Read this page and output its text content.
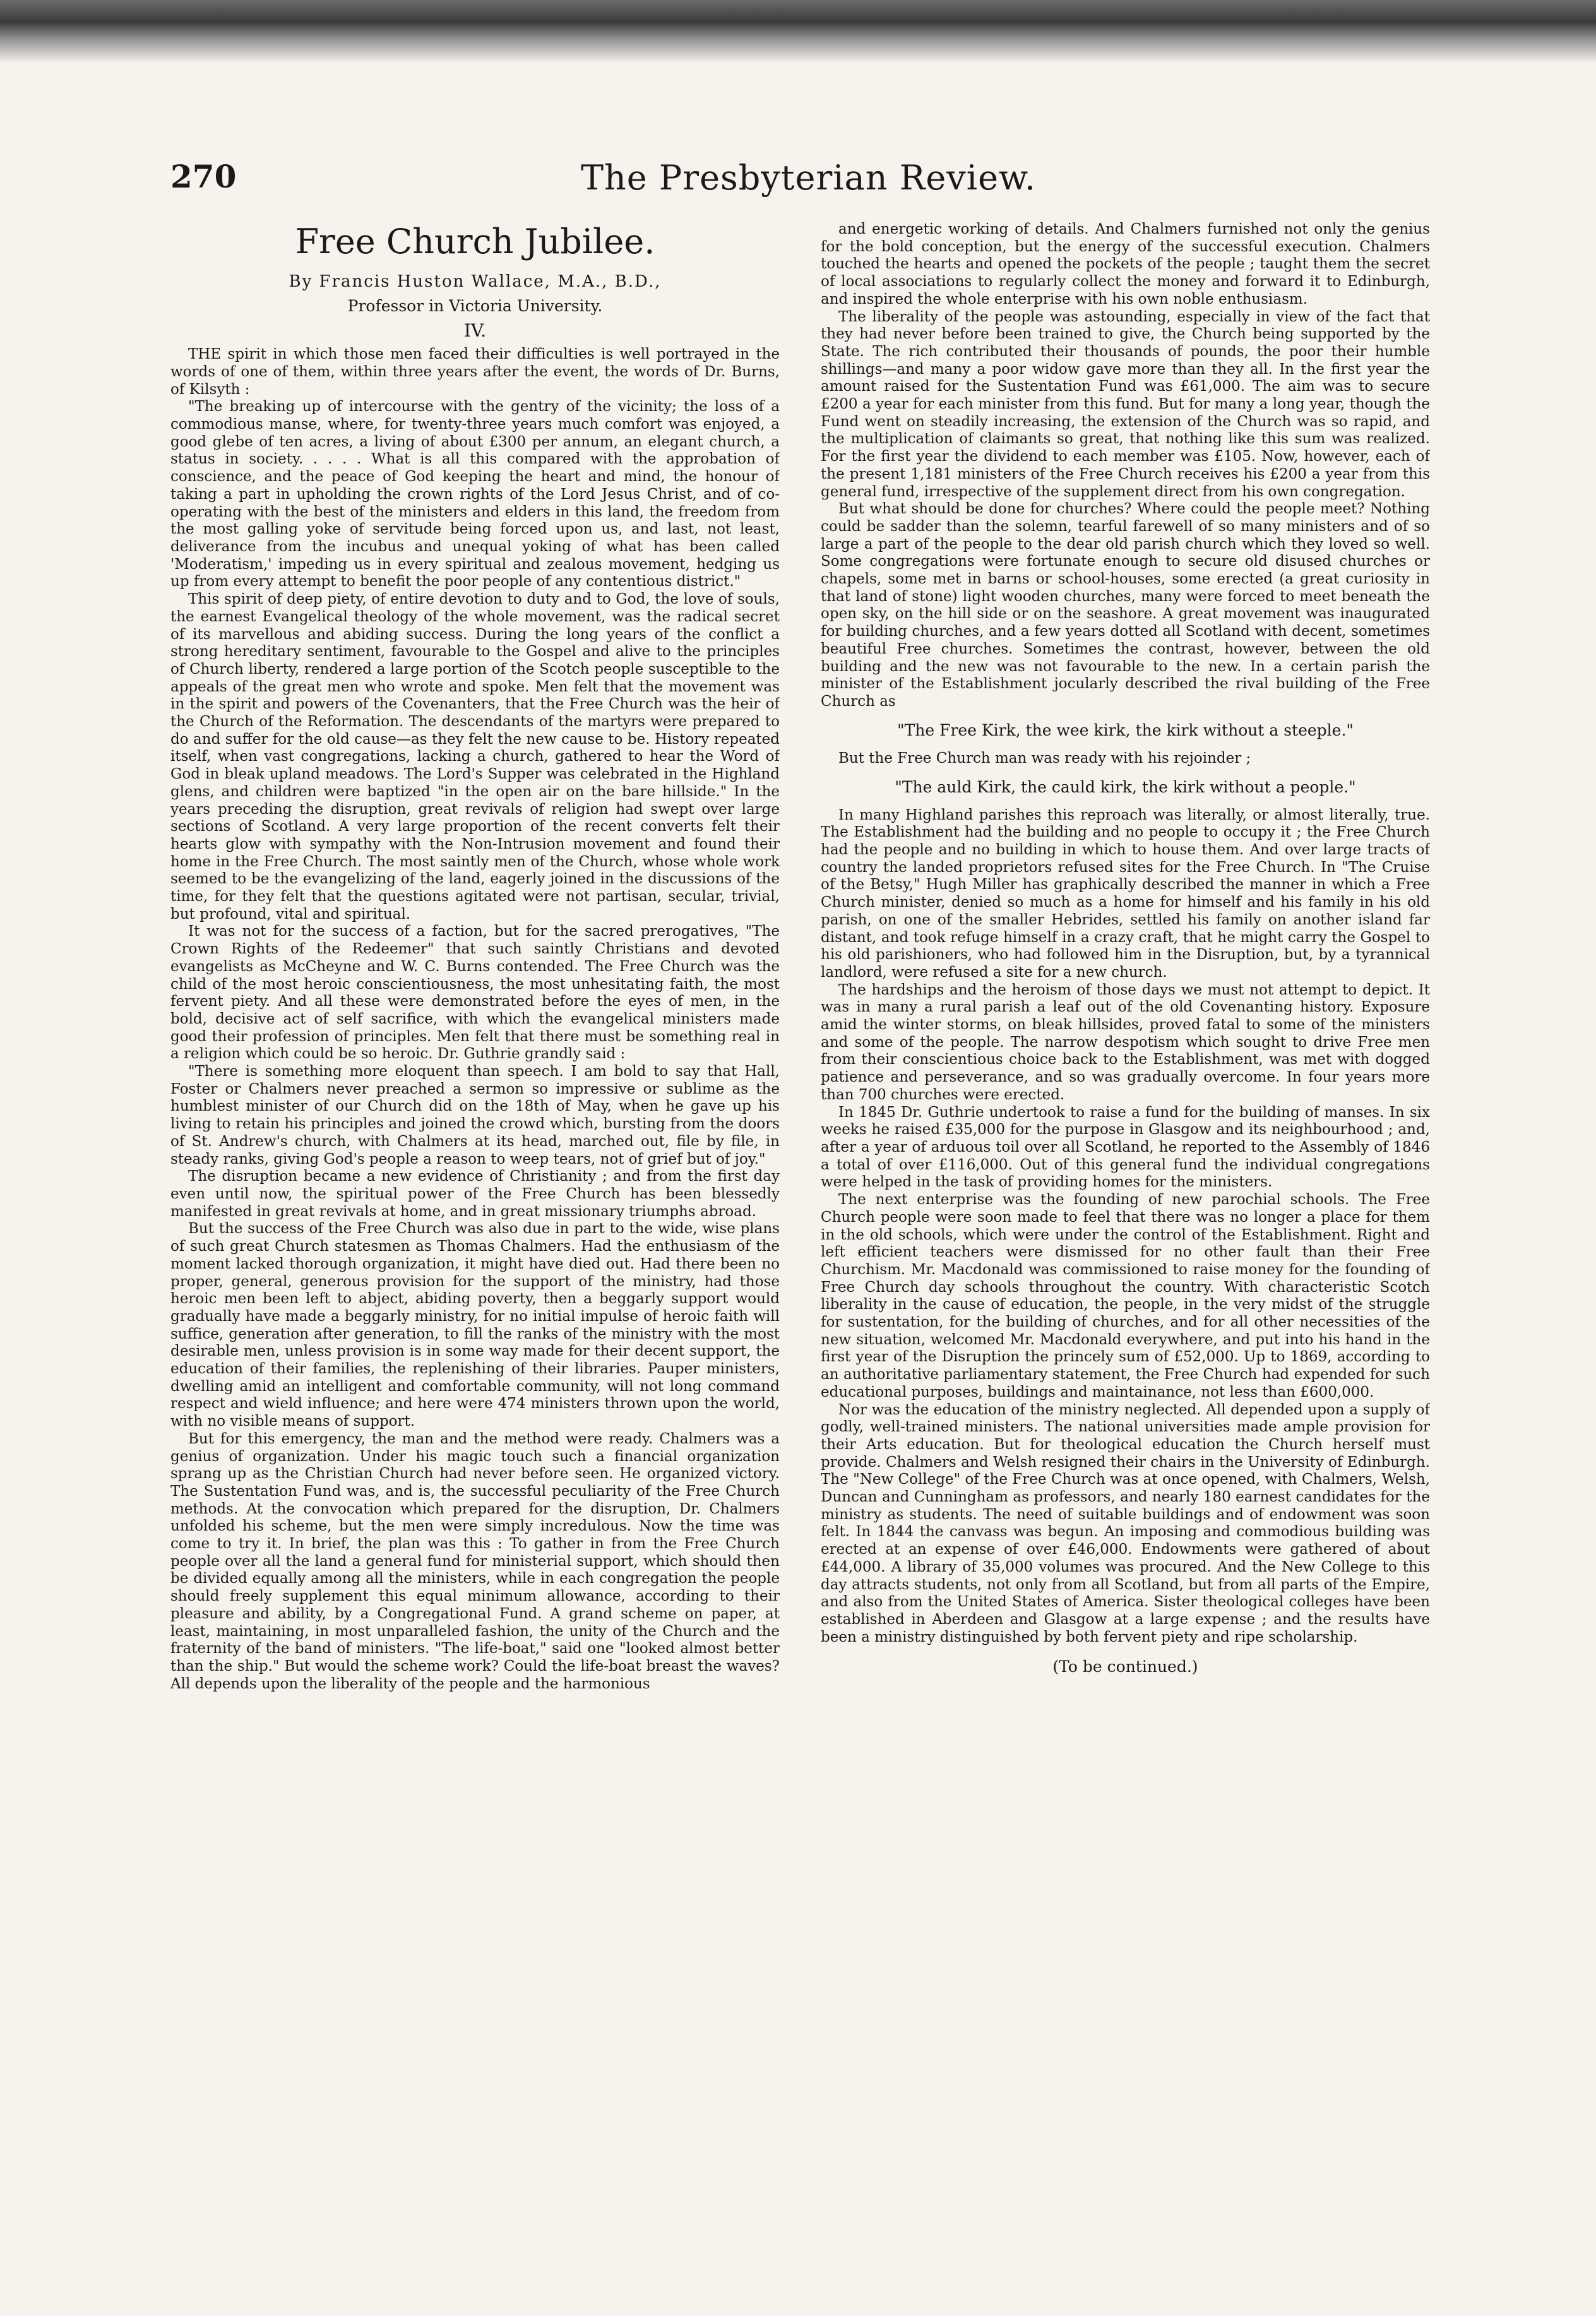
270	The Presbyterian Review.
Free Church Jubilee.
By Francis Huston Wallace, M.A., B.D.,
Professor in Victoria University.
IV.

THE spirit in which those men faced their difficulties is well portrayed in the words of one of them, within three years after the event, the words of Dr. Burns, of Kilsyth :

"The breaking up of intercourse with the gentry of the vicinity; the loss of a commodious manse, where, for twenty-three years much comfort was enjoyed, a good glebe of ten acres, a living of about £300 per annum, an elegant church, a status in society. . . . . What is all this compared with the approbation of conscience, and the peace of God keeping the heart and mind, the honour of taking a part in upholding the crown rights of the Lord Jesus Christ, and of co-operating with the best of the ministers and elders in this land, the freedom from the most galling yoke of servitude being forced upon us, and last, not least, deliverance from the incubus and unequal yoking of what has been called 'Moderatism,' impeding us in every spiritual and zealous movement, hedging us up from every attempt to benefit the poor people of any contentious district."

This spirit of deep piety, of entire devotion to duty and to God, the love of souls, the earnest Evangelical theology of the whole movement, was the radical secret of its marvellous and abiding success. During the long years of the conflict a strong hereditary sentiment, favourable to the Gospel and alive to the principles of Church liberty, rendered a large portion of the Scotch people susceptible to the appeals of the great men who wrote and spoke. Men felt that the movement was in the spirit and powers of the Covenanters, that the Free Church was the heir of the Church of the Reformation. The descendants of the martyrs were prepared to do and suffer for the old cause—as they felt the new cause to be. History repeated itself, when vast congregations, lacking a church, gathered to hear the Word of God in bleak upland meadows. The Lord's Supper was celebrated in the Highland glens, and children were baptized "in the open air on the bare hillside." In the years preceding the disruption, great revivals of religion had swept over large sections of Scotland. A very large proportion of the recent converts felt their hearts glow with sympathy with the Non-Intrusion movement and found their home in the Free Church. The most saintly men of the Church, whose whole work seemed to be the evangelizing of the land, eagerly joined in the discussions of the time, for they felt that the questions agitated were not partisan, secular, trivial, but profound, vital and spiritual.

It was not for the success of a faction, but for the sacred prerogatives, "The Crown Rights of the Redeemer" that such saintly Christians and devoted evangelists as McCheyne and W. C. Burns contended. The Free Church was the child of the most heroic conscientiousness, the most unhesitating faith, the most fervent piety. And all these were demonstrated before the eyes of men, in the bold, decisive act of self sacrifice, with which the evangelical ministers made good their profession of principles. Men felt that there must be something real in a religion which could be so heroic. Dr. Guthrie grandly said :

"There is something more eloquent than speech. I am bold to say that Hall, Foster or Chalmers never preached a sermon so impressive or sublime as the humblest minister of our Church did on the 18th of May, when he gave up his living to retain his principles and joined the crowd which, bursting from the doors of St. Andrew's church, with Chalmers at its head, marched out, file by file, in steady ranks, giving God's people a reason to weep tears, not of grief but of joy."

The disruption became a new evidence of Christianity ; and from the first day even until now, the spiritual power of the Free Church has been blessedly manifested in great revivals at home, and in great missionary triumphs abroad.

But the success of the Free Church was also due in part to the wide, wise plans of such great Church statesmen as Thomas Chalmers. Had the enthusiasm of the moment lacked thorough organization, it might have died out. Had there been no proper, general, generous provision for the support of the ministry, had those heroic men been left to abject, abiding poverty, then a beggarly support would gradually have made a beggarly ministry, for no initial impulse of heroic faith will suffice, generation after generation, to fill the ranks of the ministry with the most desirable men, unless provision is in some way made for their decent support, the education of their families, the replenishing of their libraries. Pauper ministers, dwelling amid an intelligent and comfortable community, will not long command respect and wield influence; and here were 474 ministers thrown upon the world, with no visible means of support.

But for this emergency, the man and the method were ready. Chalmers was a genius of organization. Under his magic touch such a financial organization sprang up as the Christian Church had never before seen. He organized victory. The Sustentation Fund was, and is, the successful peculiarity of the Free Church methods. At the convocation which prepared for the disruption, Dr. Chalmers unfolded his scheme, but the men were simply incredulous. Now the time was come to try it. In brief, the plan was this : To gather in from the Free Church people over all the land a general fund for ministerial support, which should then be divided equally among all the ministers, while in each congregation the people should freely supplement this equal minimum allowance, according to their pleasure and ability, by a Congregational Fund. A grand scheme on paper, at least, maintaining, in most unparalleled fashion, the unity of the Church and the fraternity of the band of ministers. "The life-boat," said one "looked almost better than the ship." But would the scheme work? Could the life-boat breast the waves? All depends upon the liberality of the people and the harmonious

and energetic working of details. And Chalmers furnished not only the genius for the bold conception, but the energy of the successful execution. Chalmers touched the hearts and opened the pockets of the people ; taught them the secret of local associations to regularly collect the money and forward it to Edinburgh, and inspired the whole enterprise with his own noble enthusiasm.

The liberality of the people was astounding, especially in view of the fact that they had never before been trained to give, the Church being supported by the State. The rich contributed their thousands of pounds, the poor their humble shillings—and many a poor widow gave more than they all. In the first year the amount raised for the Sustentation Fund was £61,000. The aim was to secure £200 a year for each minister from this fund. But for many a long year, though the Fund went on steadily increasing, the extension of the Church was so rapid, and the multiplication of claimants so great, that nothing like this sum was realized. For the first year the dividend to each member was £105. Now, however, each of the present 1,181 ministers of the Free Church receives his £200 a year from this general fund, irrespective of the supplement direct from his own congregation.

But what should be done for churches? Where could the people meet? Nothing could be sadder than the solemn, tearful farewell of so many ministers and of so large a part of the people to the dear old parish church which they loved so well. Some congregations were fortunate enough to secure old disused churches or chapels, some met in barns or school-houses, some erected (a great curiosity in that land of stone) light wooden churches, many were forced to meet beneath the open sky, on the hill side or on the seashore. A great movement was inaugurated for building churches, and a few years dotted all Scotland with decent, sometimes beautiful Free churches. Sometimes the contrast, however, between the old building and the new was not favourable to the new. In a certain parish the minister of the Establishment jocularly described the rival building of the Free Church as

"The Free Kirk, the wee kirk, the kirk without a steeple."

But the Free Church man was ready with his rejoinder ;

"The auld Kirk, the cauld kirk, the kirk without a people."

In many Highland parishes this reproach was literally, or almost literally, true. The Establishment had the building and no people to occupy it ; the Free Church had the people and no building in which to house them. And over large tracts of country the landed proprietors refused sites for the Free Church. In "The Cruise of the Betsy," Hugh Miller has graphically described the manner in which a Free Church minister, denied so much as a home for himself and his family in his old parish, on one of the smaller Hebrides, settled his family on another island far distant, and took refuge himself in a crazy craft, that he might carry the Gospel to his old parishioners, who had followed him in the Disruption, but, by a tyrannical landlord, were refused a site for a new church.

The hardships and the heroism of those days we must not attempt to depict. It was in many a rural parish a leaf out of the old Covenanting history. Exposure amid the winter storms, on bleak hillsides, proved fatal to some of the ministers and some of the people. The narrow despotism which sought to drive Free men from their conscientious choice back to the Establishment, was met with dogged patience and perseverance, and so was gradually overcome. In four years more than 700 churches were erected.

In 1845 Dr. Guthrie undertook to raise a fund for the building of manses. In six weeks he raised £35,000 for the purpose in Glasgow and its neighbourhood ; and, after a year of arduous toil over all Scotland, he reported to the Assembly of 1846 a total of over £116,000. Out of this general fund the individual congregations were helped in the task of providing homes for the ministers.

The next enterprise was the founding of new parochial schools. The Free Church people were soon made to feel that there was no longer a place for them in the old schools, which were under the control of the Establishment. Right and left efficient teachers were dismissed for no other fault than their Free Churchism. Mr. Macdonald was commissioned to raise money for the founding of Free Church day schools throughout the country. With characteristic Scotch liberality in the cause of education, the people, in the very midst of the struggle for sustentation, for the building of churches, and for all other necessities of the new situation, welcomed Mr. Macdonald everywhere, and put into his hand in the first year of the Disruption the princely sum of £52,000. Up to 1869, according to an authoritative parliamentary statement, the Free Church had expended for such educational purposes, buildings and maintainance, not less than £600,000.

Nor was the education of the ministry neglected. All depended upon a supply of godly, well-trained ministers. The national universities made ample provision for their Arts education. But for theological education the Church herself must provide. Chalmers and Welsh resigned their chairs in the University of Edinburgh. The "New College" of the Free Church was at once opened, with Chalmers, Welsh, Duncan and Cunningham as professors, and nearly 180 earnest candidates for the ministry as students. The need of suitable buildings and of endowment was soon felt. In 1844 the canvass was begun. An imposing and commodious building was erected at an expense of over £46,000. Endowments were gathered of about £44,000. A library of 35,000 volumes was procured. And the New College to this day attracts students, not only from all Scotland, but from all parts of the Empire, and also from the United States of America. Sister theological colleges have been established in Aberdeen and Glasgow at a large expense ; and the results have been a ministry distinguished by both fervent piety and ripe scholarship.

(To be continued.)
